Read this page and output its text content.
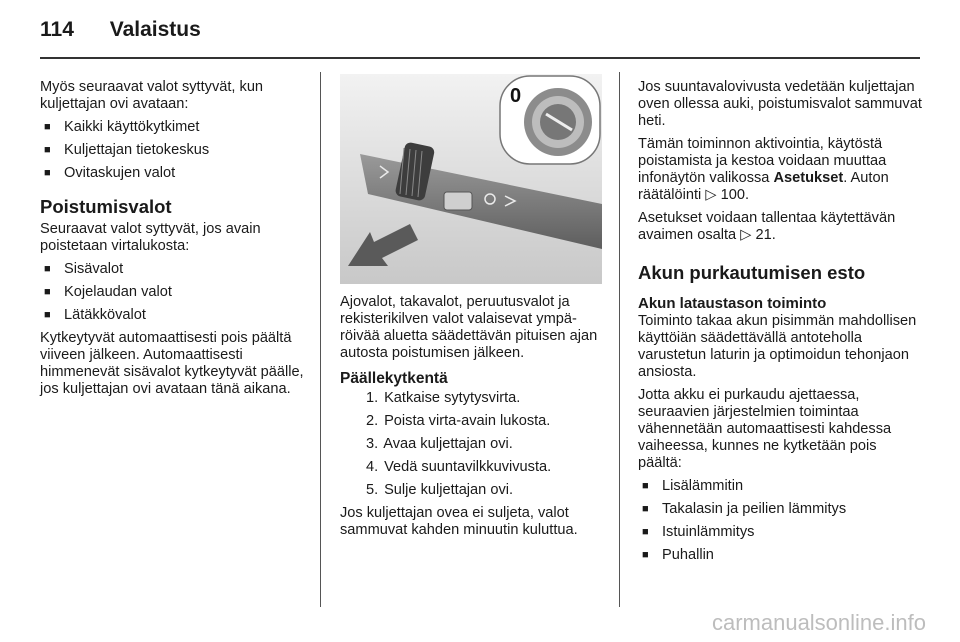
114 Valaistus

Myös seuraavat valot syttyvät, kun kuljettajan ovi avataan:

■ Kaikki käyttökytkimet
■ Kuljettajan tietokeskus
■ Ovitaskujen valot
Poistumisvalot

Seuraavat valot syttyvät, jos avain poistetaan virtalukosta:

■ Sisävalot
■ Kojelaudan valot
■ Lätäkkövalot

Kytkeytyvät automaattisesti pois päältä viiveen jälkeen. Automaattisesti himmenevät sisävalot kytkeytyvät päälle, jos kuljettajan ovi avataan tänä aikana.

0

Ajovalot, takavalot, peruutusvalot ja rekisterikilven valot valaisevat ympäröivää aluetta säädettävän pituisen ajan autosta poistumisen jälkeen.

Päällekytkentä

1. Katkaise sytytysvirta.

2. Poista virta-avain lukosta.

3. Avaa kuljettajan ovi.

4. Vedä suuntavilkkuvivusta.

5. Sulje kuljettajan ovi.

Jos kuljettajan ovea ei suljeta, valot sammuvat kahden minuutin kuluttua.

Jos suuntavalovivusta vedetään kuljettajan oven ollessa auki, poistumisvalot sammuvat heti.

Tämän toiminnon aktivointia, käytöstä poistamista ja kestoa voidaan muuttaa infonäytön valikossa Asetukset. Auton räätälöinti ▷ 100.

Asetukset voidaan tallentaa käytettävän avaimen osalta ▷ 21.

Akun purkautumisen esto
Akun lataustason toiminto

Toiminto takaa akun pisimmän mahdollisen käyttöiän säädettävällä antoteholla varustetun laturin ja optimoidun tehonjaon ansiosta.

Jotta akku ei purkaudu ajettaessa, seuraavien järjestelmien toimintaa vähennetään automaattisesti kahdessa vaiheessa, kunnes ne kytketään pois päältä:

■ Lisälämmitin
■ Takalasin ja peilien lämmitys
■ Istuinlämmitys
■ Puhallin
carmanualsonline.info
